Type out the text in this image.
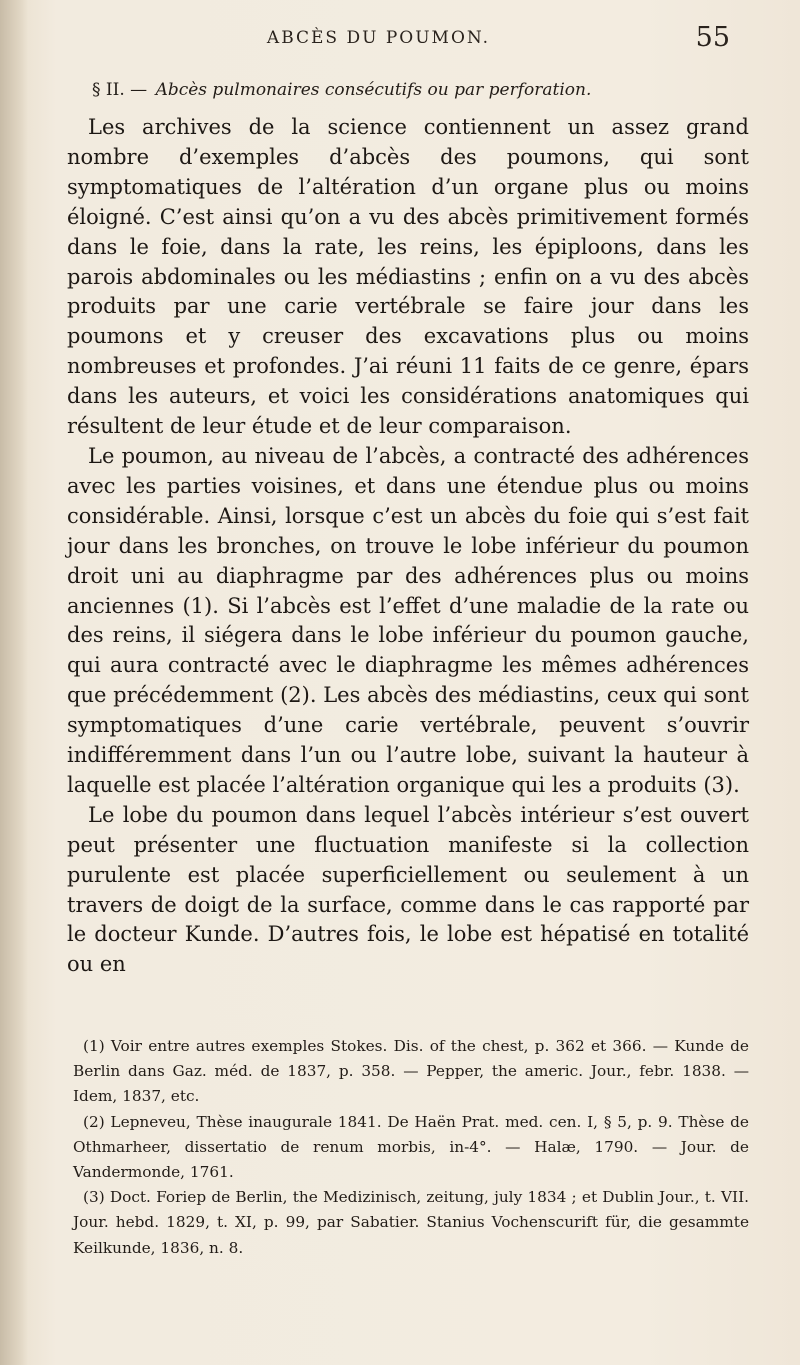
ABCÈS DU POUMON.	55
§ II. — Abcès pulmonaires consécutifs ou par perforation.

Les archives de la science contiennent un assez grand nombre d’exemples d’abcès des poumons, qui sont symptomatiques de l’altération d’un organe plus ou moins éloigné. C’est ainsi qu’on a vu des abcès primitivement formés dans le foie, dans la rate, les reins, les épiploons, dans les parois abdominales ou les médiastins ; enfin on a vu des abcès produits par une carie vertébrale se faire jour dans les poumons et y creuser des excavations plus ou moins nombreuses et profondes. J’ai réuni 11 faits de ce genre, épars dans les auteurs, et voici les considérations anatomiques qui résultent de leur étude et de leur comparaison.

Le poumon, au niveau de l’abcès, a contracté des adhérences avec les parties voisines, et dans une étendue plus ou moins considérable. Ainsi, lorsque c’est un abcès du foie qui s’est fait jour dans les bronches, on trouve le lobe inférieur du poumon droit uni au diaphragme par des adhérences plus ou moins anciennes (1). Si l’abcès est l’effet d’une maladie de la rate ou des reins, il siégera dans le lobe inférieur du poumon gauche, qui aura contracté avec le diaphragme les mêmes adhérences que précédemment (2). Les abcès des médiastins, ceux qui sont symptomatiques d’une carie vertébrale, peuvent s’ouvrir indifféremment dans l’un ou l’autre lobe, suivant la hauteur à laquelle est placée l’altération organique qui les a produits (3).

Le lobe du poumon dans lequel l’abcès intérieur s’est ouvert peut présenter une fluctuation manifeste si la collection purulente est placée superficiellement ou seulement à un travers de doigt de la surface, comme dans le cas rapporté par le docteur Kunde. D’autres fois, le lobe est hépatisé en totalité ou en

(1) Voir entre autres exemples Stokes. Dis. of the chest, p. 362 et 366. — Kunde de Berlin dans Gaz. méd. de 1837, p. 358. — Pepper, the americ. Jour., febr. 1838. — Idem, 1837, etc.

(2) Lepneveu, Thèse inaugurale 1841. De Haën Prat. med. cen. I, § 5, p. 9. Thèse de Othmarheer, dissertatio de renum morbis, in-4°. — Halæ, 1790. — Jour. de Vandermonde, 1761.

(3) Doct. Foriep de Berlin, the Medizinisch, zeitung, july 1834 ; et Dublin Jour., t. VII. Jour. hebd. 1829, t. XI, p. 99, par Sabatier. Stanius Vochenscurift für, die gesammte Keilkunde, 1836, n. 8.
